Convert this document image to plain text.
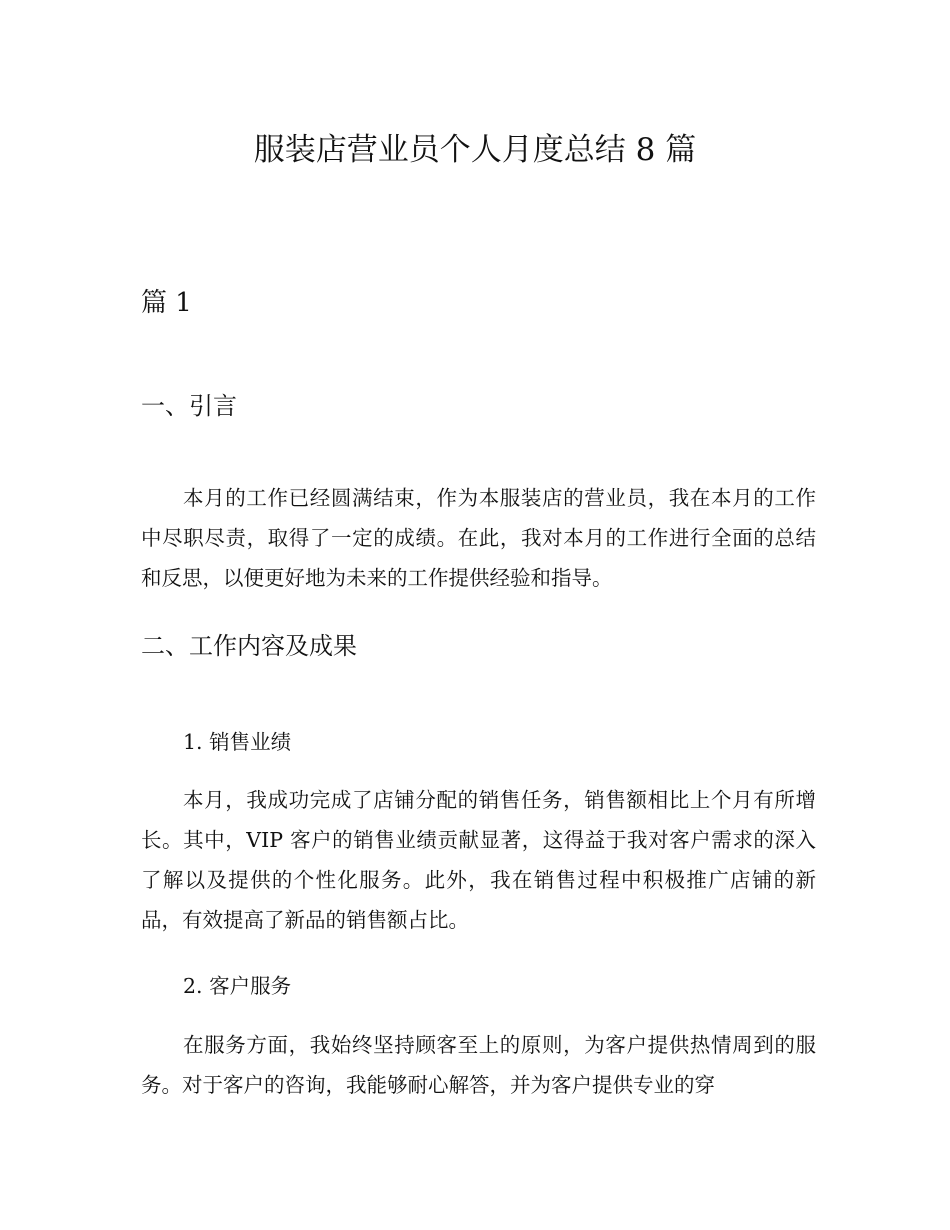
服装店营业员个人月度总结 8 篇
篇 1
一、引言

本月的工作已经圆满结束，作为本服装店的营业员，我在本月的工作中尽职尽责，取得了一定的成绩。在此，我对本月的工作进行全面的总结和反思，以便更好地为未来的工作提供经验和指导。

二、工作内容及成果

1. 销售业绩

本月，我成功完成了店铺分配的销售任务，销售额相比上个月有所增长。其中，VIP 客户的销售业绩贡献显著，这得益于我对客户需求的深入了解以及提供的个性化服务。此外，我在销售过程中积极推广店铺的新品，有效提高了新品的销售额占比。

2. 客户服务

在服务方面，我始终坚持顾客至上的原则，为客户提供热情周到的服务。对于客户的咨询，我能够耐心解答，并为客户提供专业的穿
